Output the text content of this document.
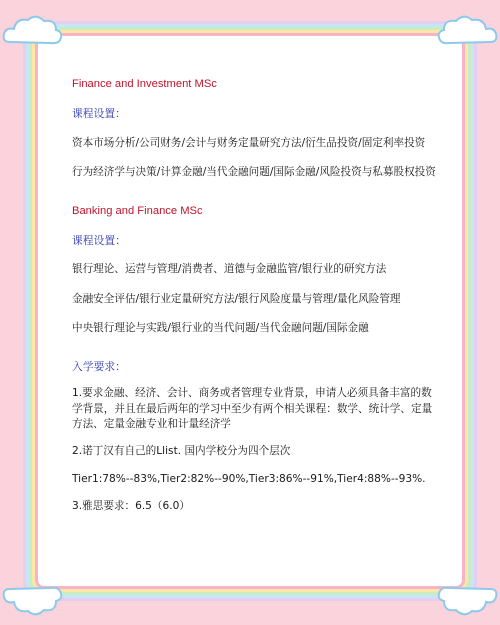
Finance and Investment MSc

课程设置：

资本市场分析/公司财务/会计与财务定量研究方法/衍生品投资/固定利率投资

行为经济学与决策/计算金融/当代金融问题/国际金融/风险投资与私募股权投资

Banking and Finance MSc

课程设置：

银行理论、运营与管理/消费者、道德与金融监管/银行业的研究方法

金融安全评估/银行业定量研究方法/银行风险度量与管理/量化风险管理

中央银行理论与实践/银行业的当代问题/当代金融问题/国际金融

入学要求：

1.要求金融、经济、会计、商务或者管理专业背景，申请人必须具备丰富的数学背景，并且在最后两年的学习中至少有两个相关课程：数学、统计学、定量方法、定量金融专业和计量经济学

2.诺丁汉有自己的Llist. 国内学校分为四个层次

Tier1:78%--83%,Tier2:82%--90%,Tier3:86%--91%,Tier4:88%--93%.

3.雅思要求：6.5（6.0）
